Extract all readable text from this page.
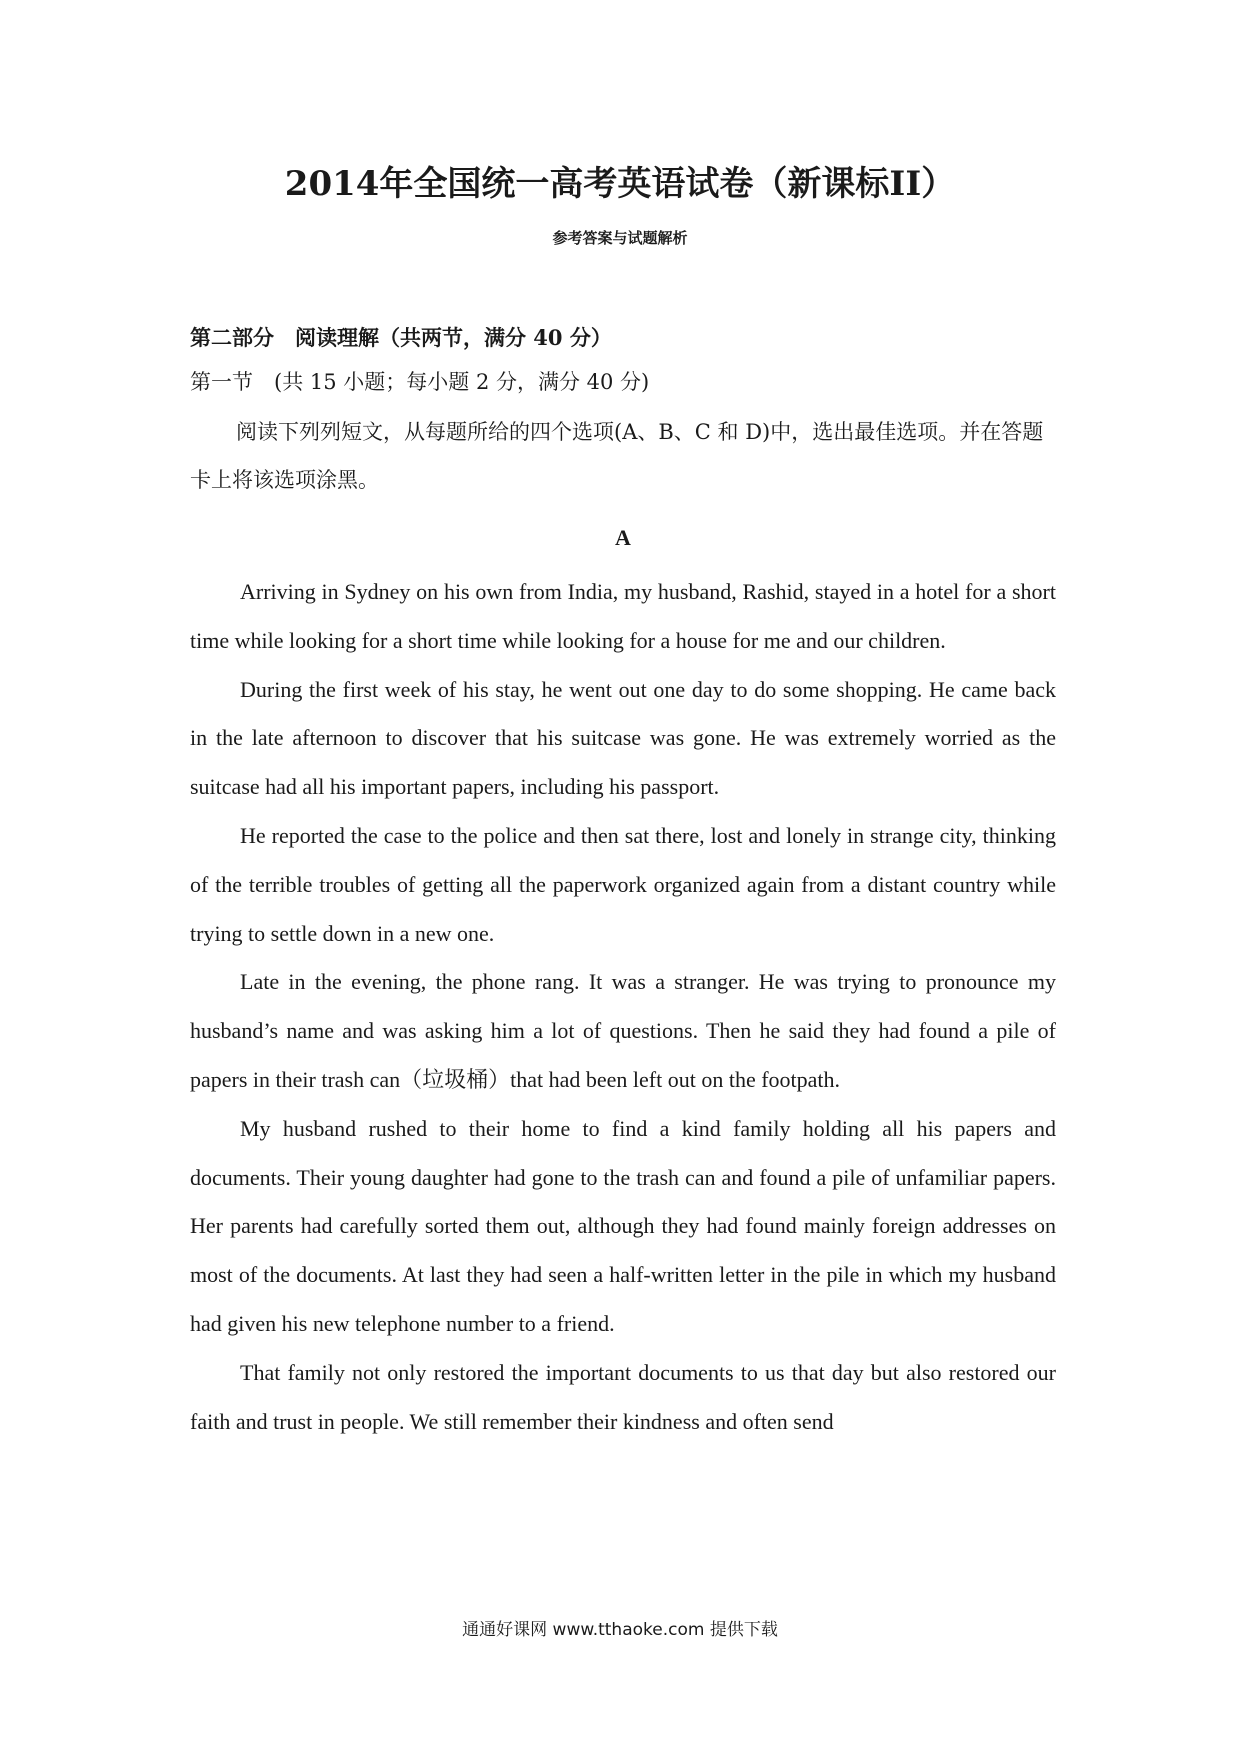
2014年全国统一高考英语试卷（新课标II）
参考答案与试题解析
第二部分　阅读理解（共两节，满分 40 分）
第一节　(共 15 小题；每小题 2 分，满分 40 分)

阅读下列列短文，从每题所给的四个选项(A、B、C 和 D)中，选出最佳选项。并在答题卡上将该选项涂黑。

A

Arriving in Sydney on his own from India, my husband, Rashid, stayed in a hotel for a short time while looking for a short time while looking for a house for me and our children.

During the first week of his stay, he went out one day to do some shopping. He came back in the late afternoon to discover that his suitcase was gone. He was extremely worried as the suitcase had all his important papers, including his passport.

He reported the case to the police and then sat there, lost and lonely in strange city, thinking of the terrible troubles of getting all the paperwork organized again from a distant country while trying to settle down in a new one.

Late in the evening, the phone rang. It was a stranger. He was trying to pronounce my husband’s name and was asking him a lot of questions. Then he said they had found a pile of papers in their trash can（垃圾桶）that had been left out on the footpath.

My husband rushed to their home to find a kind family holding all his papers and documents. Their young daughter had gone to the trash can and found a pile of unfamiliar papers. Her parents had carefully sorted them out, although they had found mainly foreign addresses on most of the documents. At last they had seen a half-written letter in the pile in which my husband had given his new telephone number to a friend.

That family not only restored the important documents to us that day but also restored our faith and trust in people. We still remember their kindness and often send

通通好课网 www.tthaoke.com 提供下载
